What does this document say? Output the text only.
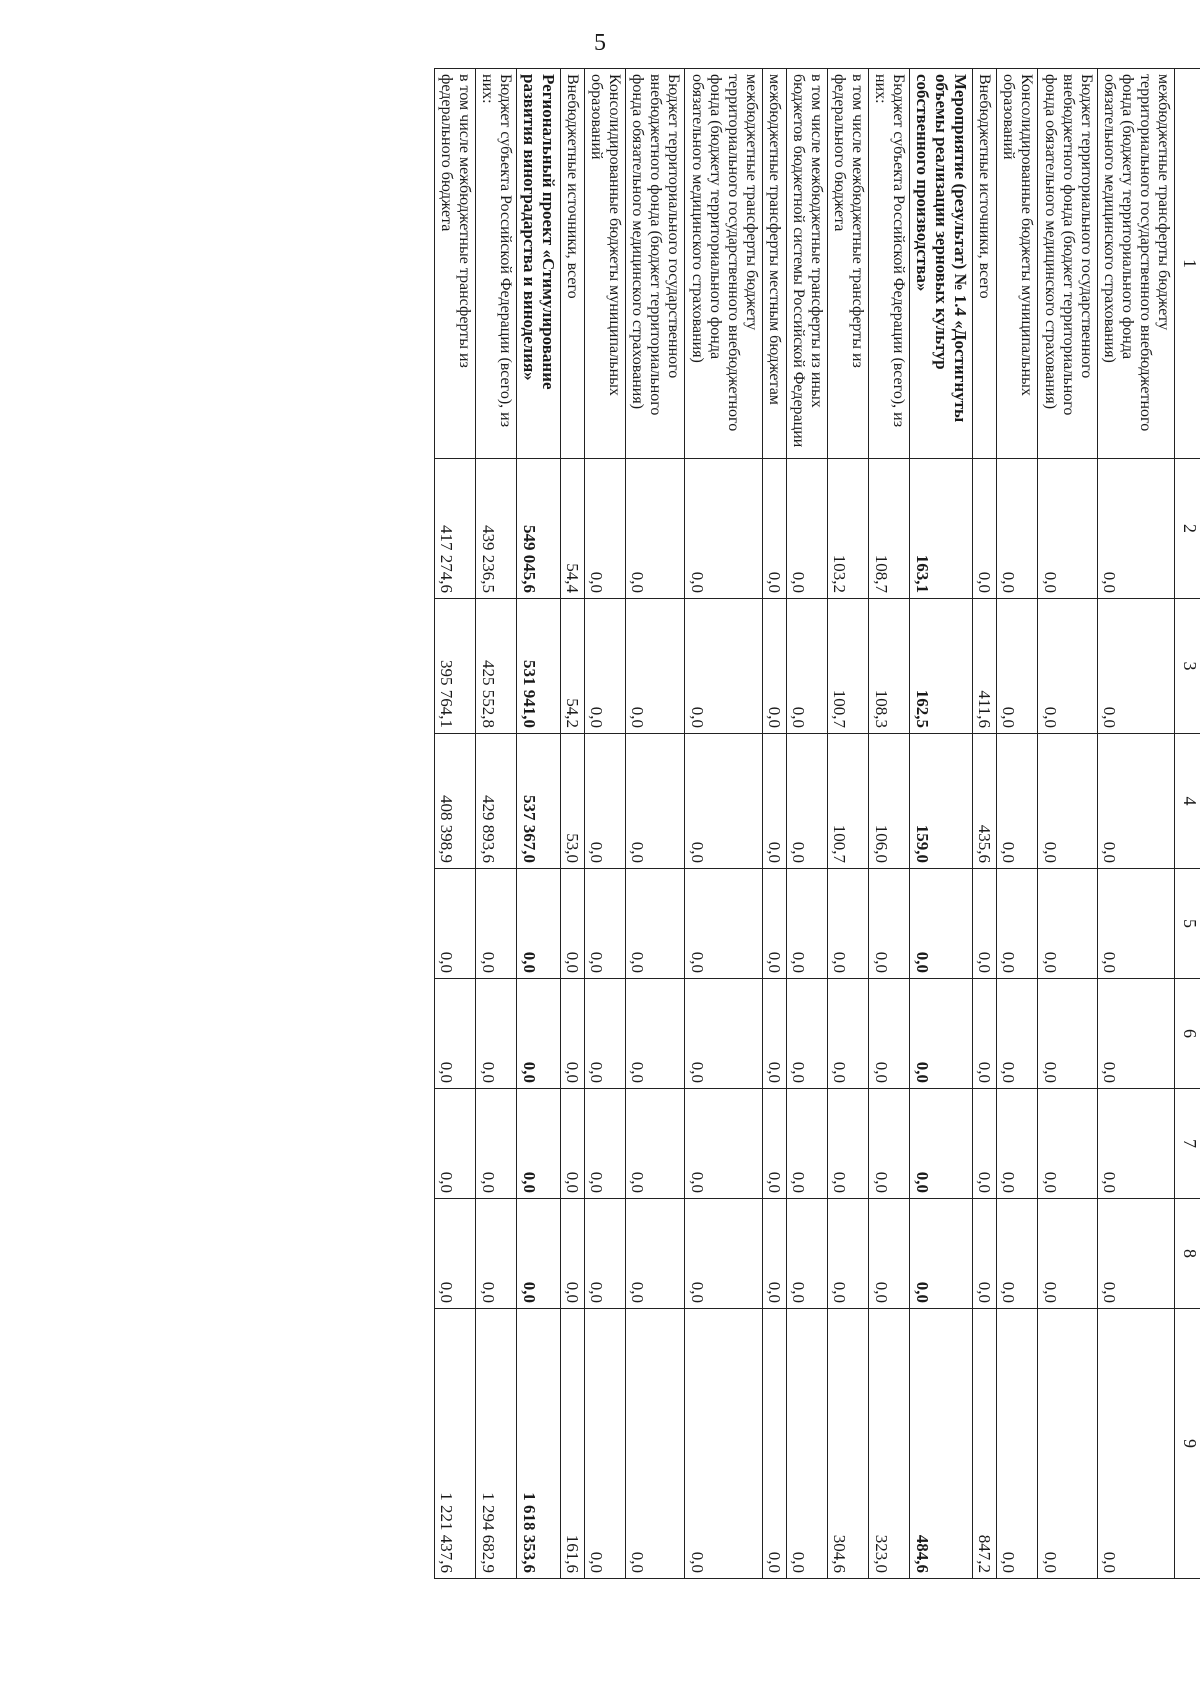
5
1	2	3	4	5	6	7	8	9
межбюджетные трансферты бюджету территориального государственного внебюджетного фонда (бюджету территориального фонда обязательного медицинского страхования)	0,0	0,0	0,0	0,0	0,0	0,0	0,0	0,0
Бюджет территориального государственного внебюджетного фонда (бюджет территориального фонда обязательного медицинского страхования)	0,0	0,0	0,0	0,0	0,0	0,0	0,0	0,0
Консолидированные бюджеты муниципальных образований	0,0	0,0	0,0	0,0	0,0	0,0	0,0	0,0
Внебюджетные источники, всего	0,0	411,6	435,6	0,0	0,0	0,0	0,0	847,2
Мероприятие (результат) № 1.4 «Достигнуты объемы реализации зерновых культур собственного производства»	163,1	162,5	159,0	0,0	0,0	0,0	0,0	484,6
Бюджет субъекта Российской Федерации (всего), из них:	108,7	108,3	106,0	0,0	0,0	0,0	0,0	323,0
в том числе межбюджетные трансферты из федерального бюджета	103,2	100,7	100,7	0,0	0,0	0,0	0,0	304,6
в том числе межбюджетные трансферты из иных бюджетов бюджетной системы Российской Федерации	0,0	0,0	0,0	0,0	0,0	0,0	0,0	0,0
межбюджетные трансферты местным бюджетам	0,0	0,0	0,0	0,0	0,0	0,0	0,0	0,0
межбюджетные трансферты бюджету территориального государственного внебюджетного фонда (бюджету территориального фонда обязательного медицинского страхования)	0,0	0,0	0,0	0,0	0,0	0,0	0,0	0,0
Бюджет территориального государственного внебюджетного фонда (бюджет территориального фонда обязательного медицинского страхования)	0,0	0,0	0,0	0,0	0,0	0,0	0,0	0,0
Консолидированные бюджеты муниципальных образований	0,0	0,0	0,0	0,0	0,0	0,0	0,0	0,0
Внебюджетные источники, всего	54,4	54,2	53,0	0,0	0,0	0,0	0,0	161,6
Региональный проект «Стимулирование развития виноградарства и виноделия»	549 045,6	531 941,0	537 367,0	0,0	0,0	0,0	0,0	1 618 353,6
Бюджет субъекта Российской Федерации (всего), из них:	439 236,5	425 552,8	429 893,6	0,0	0,0	0,0	0,0	1 294 682,9
в том числе межбюджетные трансферты из федерального бюджета	417 274,6	395 764,1	408 398,9	0,0	0,0	0,0	0,0	1 221 437,6
